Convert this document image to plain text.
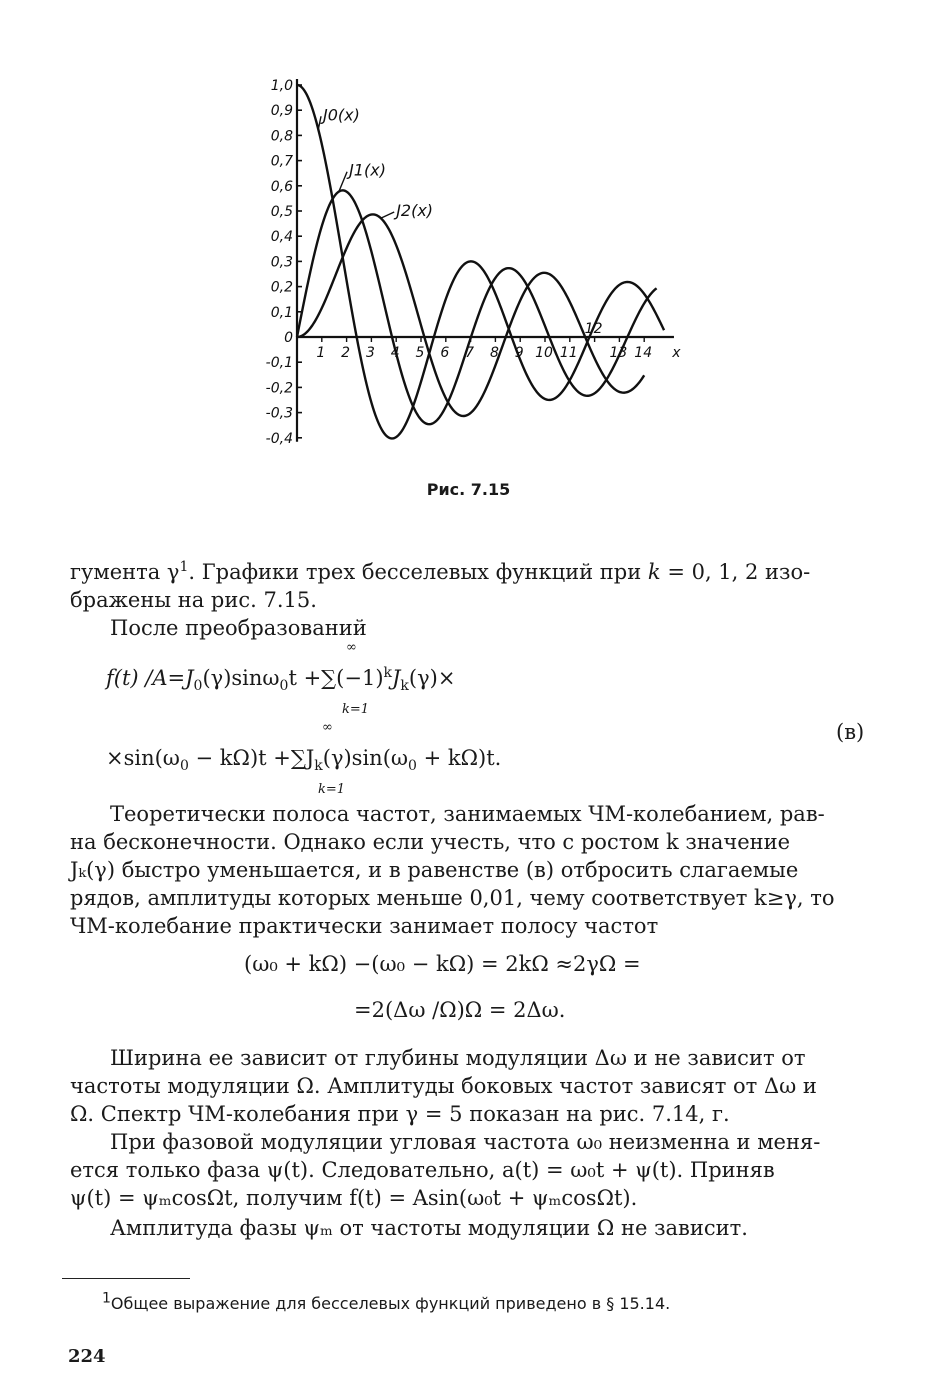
1,0
0,9
0,8
0,7
0,6
0,5
0,4
0,3
0,2
0,1
0
-0,1
-0,2
-0,3
-0,4
1 2 3 4 5 6 7 8 9 10 11
12
13 14 x
J0(x)
J1(x)
J2(x)
Рис. 7.15
гумента $\gamma^1$. Графики трех бесселевых функций при k = 0, 1, 2 изо-
бражены на рис. 7.15.
После преобразований
f(t) $/A=J_0(\gamma)\sin\omega_0t +\sum(-1)^kJ_k(\gamma)\times$
∞
k=1
$\times\sin(\omega_0 - k\Omega)t +\sum J_k(\gamma)\sin(\omega_0 + k\Omega)t$.
∞
k=1
(в)
Теоретически полоса частот, занимаемых ЧМ-колебанием, рав-
на бесконечности. Однако если учесть, что с ростом k значение
Jₖ(γ) быстро уменьшается, и в равенстве (в) отбросить слагаемые
рядов, амплитуды которых меньше 0,01, чему соответствует k≥γ, то
ЧМ-колебание практически занимает полосу частот
(ω₀ + kΩ) −(ω₀ − kΩ) = 2kΩ ≈2γΩ =
=2(Δω /Ω)Ω = 2Δω.
Ширина ее зависит от глубины модуляции Δω и не зависит от
частоты модуляции Ω. Амплитуды боковых частот зависят от Δω и
Ω. Спектр ЧМ-колебания при γ = 5 показан на рис. 7.14, г.
При фазовой модуляции угловая частота ω₀ неизменна и меня-
ется только фаза ψ(t). Следовательно, a(t) = ω₀t + ψ(t). Приняв
ψ(t) = ψₘcosΩt, получим f(t) = Asin(ω₀t + ψₘcosΩt).
Амплитуда фазы ψₘ от частоты модуляции Ω не зависит.
$^1$Общее выражение для бесселевых функций приведено в § 15.14.
224
